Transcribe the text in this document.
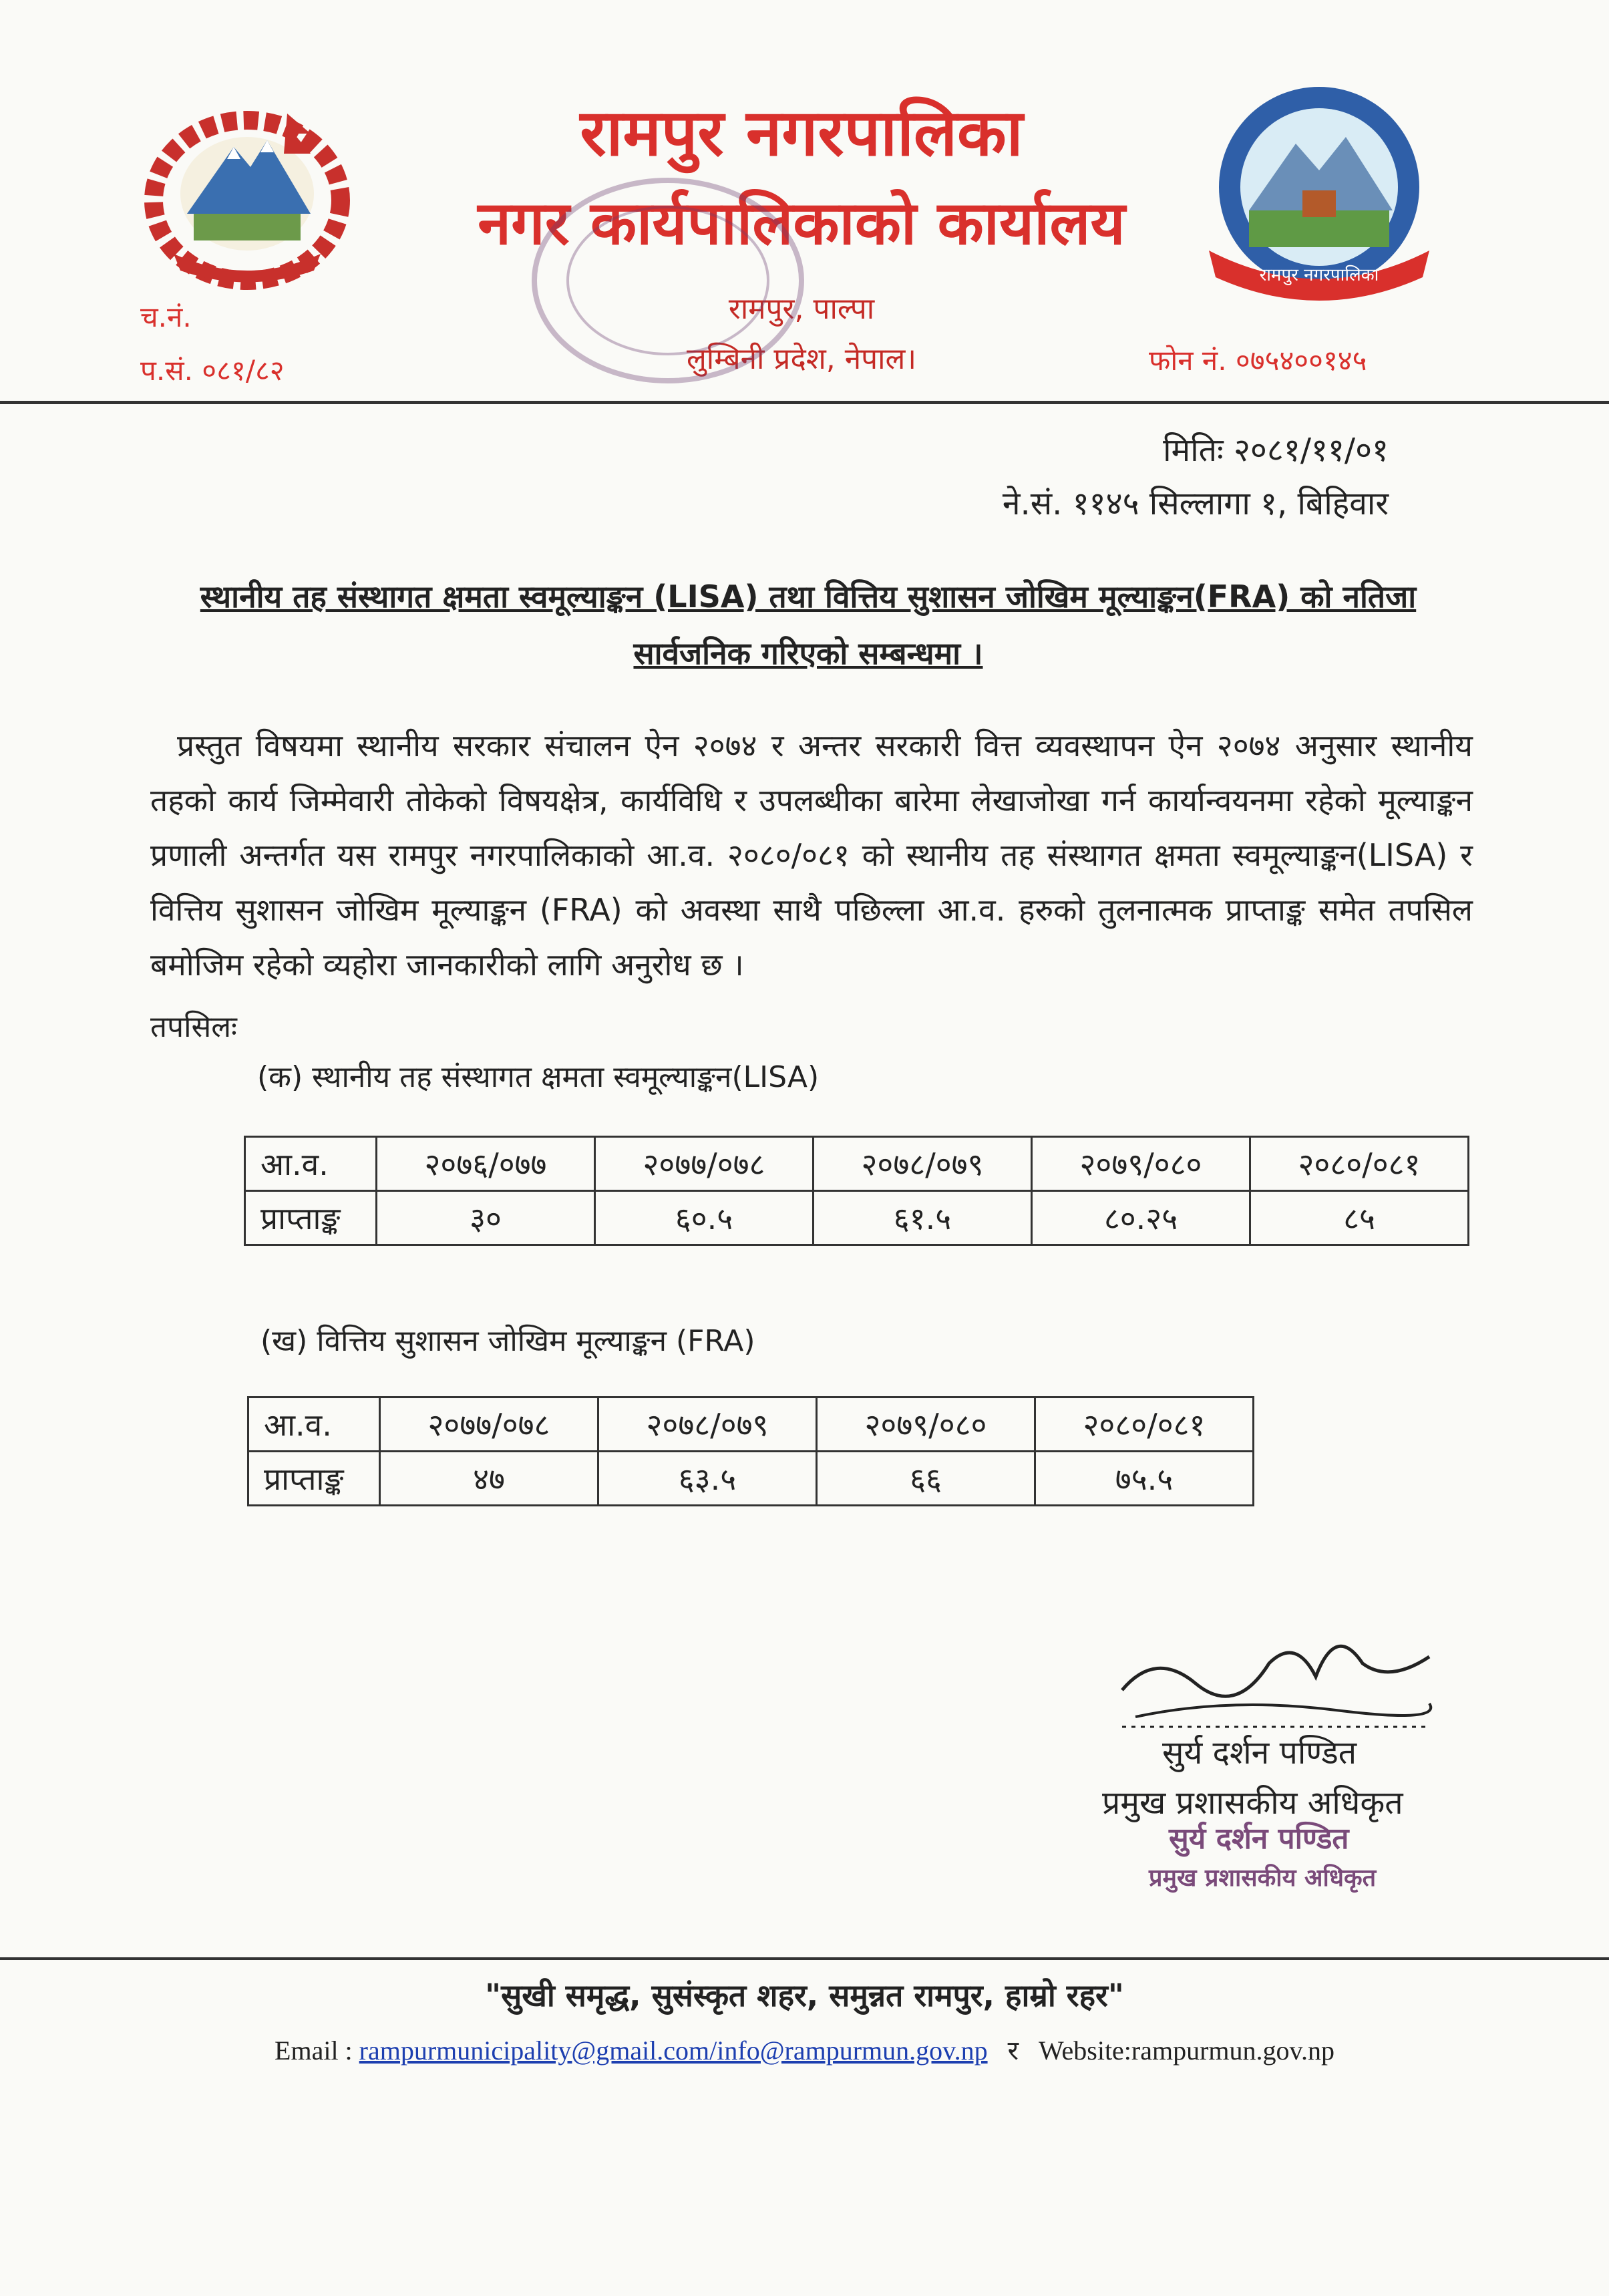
रामपुर नगरपालिका
रामपुर नगरपालिका
नगर कार्यपालिकाको कार्यालय
रामपुर, पाल्पा
लुम्बिनी प्रदेश, नेपाल।
च.नं.
प.सं. ०८१/८२	फोन नं. ०७५४००१४५
मितिः २०८१/११/०१
ने.सं. ११४५ सिल्लागा १, बिहिवार
स्थानीय तह संस्थागत क्षमता स्वमूल्याङ्कन (LISA) तथा वित्तिय सुशासन जोखिम मूल्याङ्कन(FRA) को नतिजा
सार्वजनिक गरिएको सम्बन्धमा ।
प्रस्तुत विषयमा स्थानीय सरकार संचालन ऐन २०७४ र अन्तर सरकारी वित्त व्यवस्थापन ऐन २०७४ अनुसार स्थानीय तहको कार्य जिम्मेवारी तोकेको विषयक्षेत्र, कार्यविधि र उपलब्धीका बारेमा लेखाजोखा गर्न कार्यान्वयनमा रहेको मूल्याङ्कन प्रणाली अन्तर्गत यस रामपुर नगरपालिकाको आ.व. २०८०/०८१ को स्थानीय तह संस्थागत क्षमता स्वमूल्याङ्कन(LISA) र वित्तिय सुशासन जोखिम मूल्याङ्कन (FRA) को अवस्था साथै पछिल्ला आ.व. हरुको तुलनात्मक प्राप्ताङ्क समेत तपसिल बमोजिम रहेको व्यहोरा जानकारीको लागि अनुरोध छ ।
तपसिलः
(क) स्थानीय तह संस्थागत क्षमता स्वमूल्याङ्कन(LISA)
आ.व.	२०७६/०७७	२०७७/०७८	२०७८/०७९	२०७९/०८०	२०८०/०८१
प्राप्ताङ्क	३०	६०.५	६१.५	८०.२५	८५
(ख) वित्तिय सुशासन जोखिम मूल्याङ्कन (FRA)
आ.व.	२०७७/०७८	२०७८/०७९	२०७९/०८०	२०८०/०८१
प्राप्ताङ्क	४७	६३.५	६६	७५.५
सुर्य दर्शन पण्डित
प्रमुख प्रशासकीय अधिकृत
सुर्य दर्शन पण्डित
प्रमुख प्रशासकीय अधिकृत
"सुखी समृद्ध, सुसंस्कृत शहर, समुन्नत रामपुर, हाम्रो रहर"
Email : rampurmunicipality@gmail.com/info@rampurmun.gov.np र Website:rampurmun.gov.np
